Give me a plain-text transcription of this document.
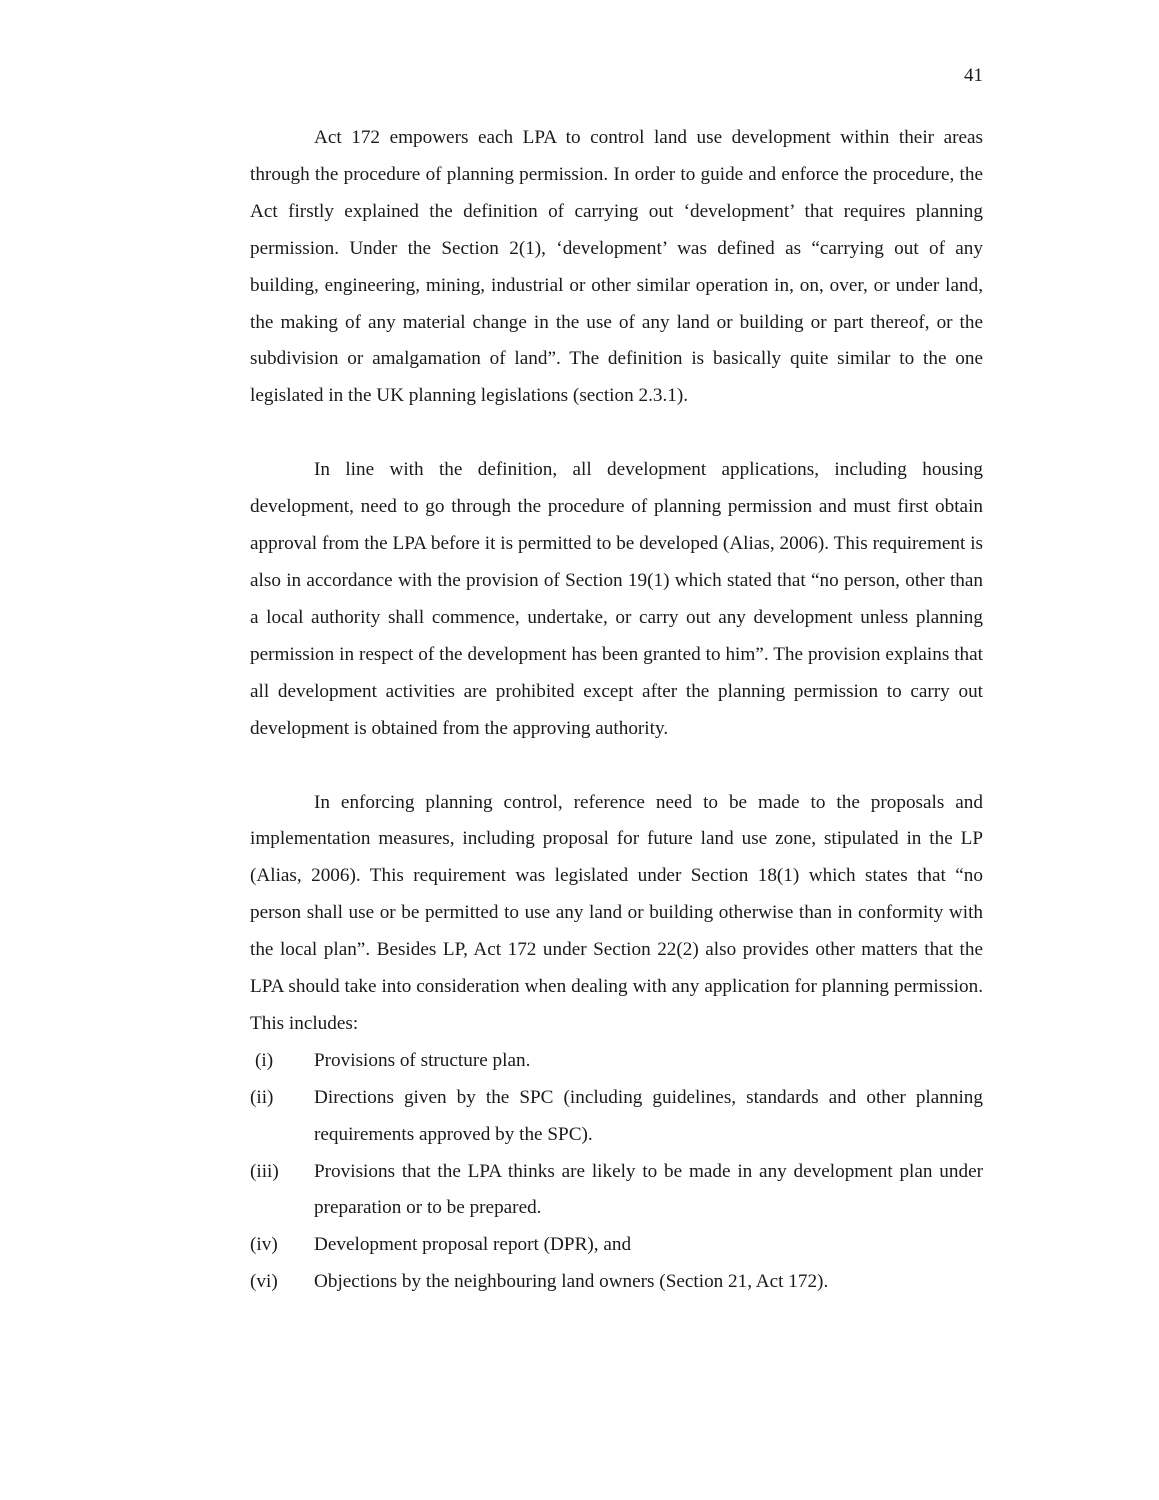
41

Act 172 empowers each LPA to control land use development within their areas through the procedure of planning permission. In order to guide and enforce the procedure, the Act firstly explained the definition of carrying out ‘development’ that requires planning permission. Under the Section 2(1), ‘development’ was defined as “carrying out of any building, engineering, mining, industrial or other similar operation in, on, over, or under land, the making of any material change in the use of any land or building or part thereof, or the subdivision or amalgamation of land”. The definition is basically quite similar to the one legislated in the UK planning legislations (section 2.3.1).

In line with the definition, all development applications, including housing development, need to go through the procedure of planning permission and must first obtain approval from the LPA before it is permitted to be developed (Alias, 2006). This requirement is also in accordance with the provision of Section 19(1) which stated that “no person, other than a local authority shall commence, undertake, or carry out any development unless planning permission in respect of the development has been granted to him”. The provision explains that all development activities are prohibited except after the planning permission to carry out development is obtained from the approving authority.

In enforcing planning control, reference need to be made to the proposals and implementation measures, including proposal for future land use zone, stipulated in the LP (Alias, 2006). This requirement was legislated under Section 18(1) which states that “no person shall use or be permitted to use any land or building otherwise than in conformity with the local plan”. Besides LP, Act 172 under Section 22(2) also provides other matters that the LPA should take into consideration when dealing with any application for planning permission. This includes:

(i)	Provisions of structure plan.
(ii)	Directions given by the SPC (including guidelines, standards and other planning requirements approved by the SPC).
(iii)	Provisions that the LPA thinks are likely to be made in any development plan under preparation or to be prepared.
(iv)	Development proposal report (DPR), and
(vi)	Objections by the neighbouring land owners (Section 21, Act 172).
